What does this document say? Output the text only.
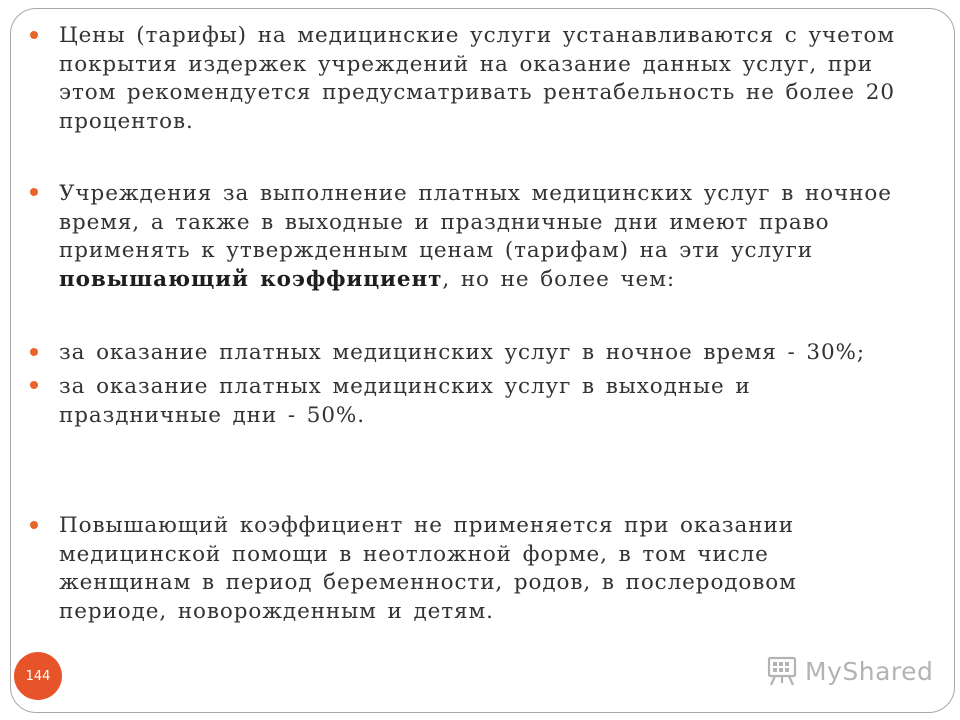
Цены (тарифы) на медицинские услуги устанавливаются с учетом покрытия издержек учреждений на оказание данных услуг, при этом рекомендуется предусматривать рентабельность не более 20 процентов.

Учреждения за выполнение платных медицинских услуг в ночное время, а также в выходные и праздничные дни имеют право применять к утвержденным ценам (тарифам) на эти услуги повышающий коэффициент, но не более чем:

за оказание платных медицинских услуг в ночное время - 30%;

за оказание платных медицинских услуг в выходные и праздничные дни - 50%.

Повышающий коэффициент не применяется при оказании медицинской помощи в неотложной форме, в том числе женщинам в период беременности, родов, в послеродовом периоде, новорожденным и детям.

144	MyShared
